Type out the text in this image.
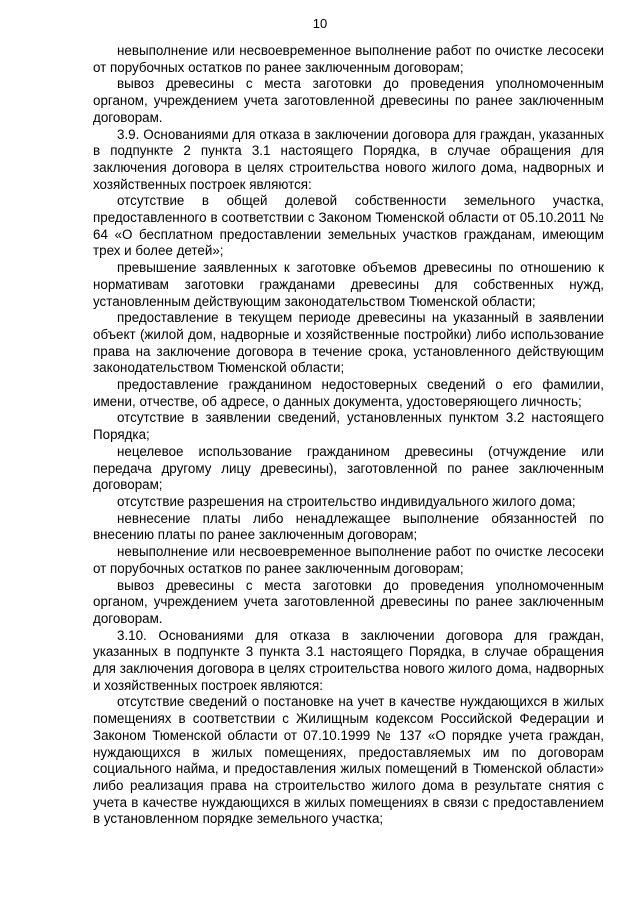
10

невыполнение или несвоевременное выполнение работ по очистке лесосеки от порубочных остатков по ранее заключенным договорам;

вывоз древесины с места заготовки до проведения уполномоченным органом, учреждением учета заготовленной древесины по ранее заключенным договорам.

3.9. Основаниями для отказа в заключении договора для граждан, указанных в подпункте 2 пункта 3.1 настоящего Порядка, в случае обращения для заключения договора в целях строительства нового жилого дома, надворных и хозяйственных построек являются:

отсутствие в общей долевой собственности земельного участка, предоставленного в соответствии с Законом Тюменской области от 05.10.2011 № 64 «О бесплатном предоставлении земельных участков гражданам, имеющим трех и более детей»;

превышение заявленных к заготовке объемов древесины по отношению к нормативам заготовки гражданами древесины для собственных нужд, установленным действующим законодательством Тюменской области;

предоставление в текущем периоде древесины на указанный в заявлении объект (жилой дом, надворные и хозяйственные постройки) либо использование права на заключение договора в течение срока, установленного действующим законодательством Тюменской области;

предоставление гражданином недостоверных сведений о его фамилии, имени, отчестве, об адресе, о данных документа, удостоверяющего личность;

отсутствие в заявлении сведений, установленных пунктом 3.2 настоящего Порядка;

нецелевое использование гражданином древесины (отчуждение или передача другому лицу древесины), заготовленной по ранее заключенным договорам;

отсутствие разрешения на строительство индивидуального жилого дома;

невнесение платы либо ненадлежащее выполнение обязанностей по внесению платы по ранее заключенным договорам;

невыполнение или несвоевременное выполнение работ по очистке лесосеки от порубочных остатков по ранее заключенным договорам;

вывоз древесины с места заготовки до проведения уполномоченным органом, учреждением учета заготовленной древесины по ранее заключенным договорам.

3.10. Основаниями для отказа в заключении договора для граждан, указанных в подпункте 3 пункта 3.1 настоящего Порядка, в случае обращения для заключения договора в целях строительства нового жилого дома, надворных и хозяйственных построек являются:

отсутствие сведений о постановке на учет в качестве нуждающихся в жилых помещениях в соответствии с Жилищным кодексом Российской Федерации и Законом Тюменской области от 07.10.1999 № 137 «О порядке учета граждан, нуждающихся в жилых помещениях, предоставляемых им по договорам социального найма, и предоставления жилых помещений в Тюменской области» либо реализация права на строительство жилого дома в результате снятия с учета в качестве нуждающихся в жилых помещениях в связи с предоставлением в установленном порядке земельного участка;
